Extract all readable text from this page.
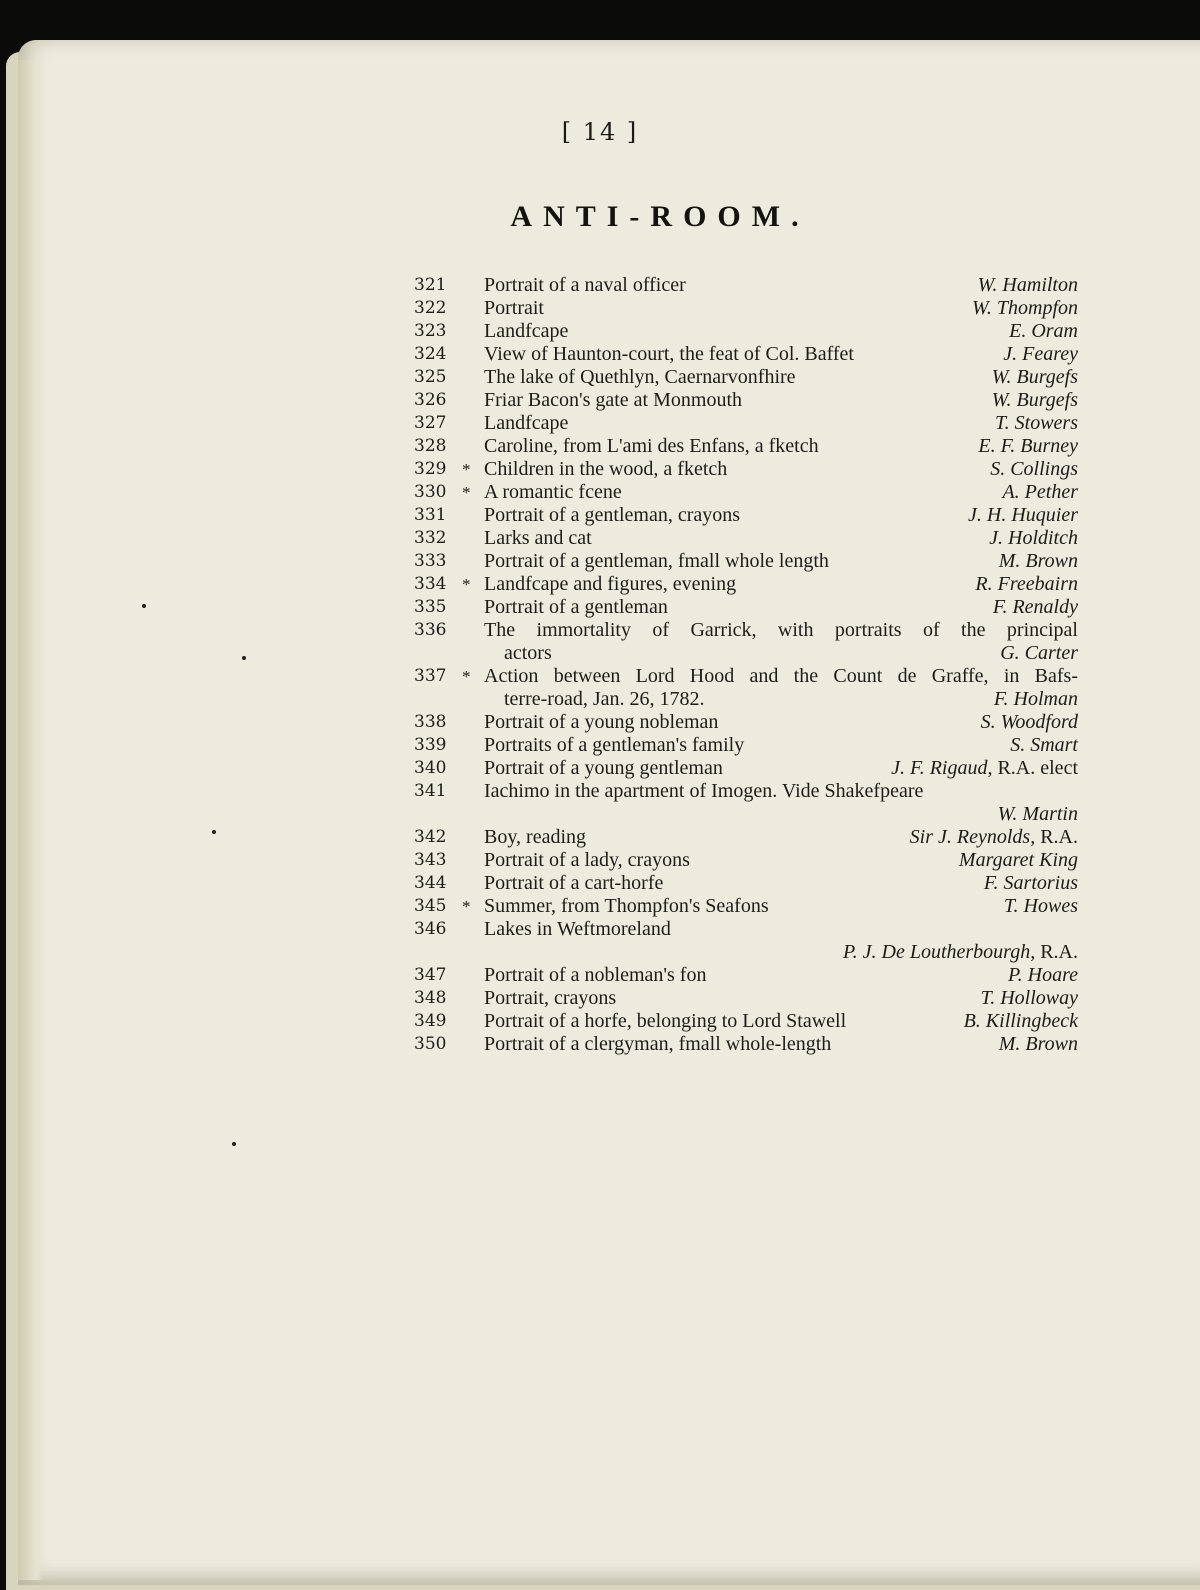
[ 14 ]
ANTI-ROOM.
321 Portrait of a naval officer	W. Hamilton
322 Portrait	W. Thompfon
323 Landfcape	E. Oram
324 View of Haunton-court, the feat of Col. Baffet	J. Fearey
325 The lake of Quethlyn, Caernarvonfhire	W. Burgefs
326 Friar Bacon's gate at Monmouth	W. Burgefs
327 Landfcape	T. Stowers
328 Caroline, from L'ami des Enfans, a fketch	E. F. Burney
329 * Children in the wood, a fketch	S. Collings
330 * A romantic fcene	A. Pether
331 Portrait of a gentleman, crayons	J. H. Huquier
332 Larks and cat	J. Holditch
333 Portrait of a gentleman, fmall whole length	M. Brown
334 * Landfcape and figures, evening	R. Freebairn
335 Portrait of a gentleman	F. Renaldy
336 The immortality of Garrick, with portraits of the principal
actors	G. Carter
337 * Action between Lord Hood and the Count de Graffe, in Bafs-
terre-road, Jan. 26, 1782.	F. Holman
338 Portrait of a young nobleman	S. Woodford
339 Portraits of a gentleman's family	S. Smart
340 Portrait of a young gentleman	J. F. Rigaud, R.A. elect
341 Iachimo in the apartment of Imogen. Vide Shakefpeare
W. Martin
342 Boy, reading	Sir J. Reynolds, R.A.
343 Portrait of a lady, crayons	Margaret King
344 Portrait of a cart-horfe	F. Sartorius
345 * Summer, from Thompfon's Seafons	T. Howes
346 Lakes in Weftmoreland
P. J. De Loutherbourgh, R.A.
347 Portrait of a nobleman's fon	P. Hoare
348 Portrait, crayons	T. Holloway
349 Portrait of a horfe, belonging to Lord Stawell	B. Killingbeck
350 Portrait of a clergyman, fmall whole-length	M. Brown
